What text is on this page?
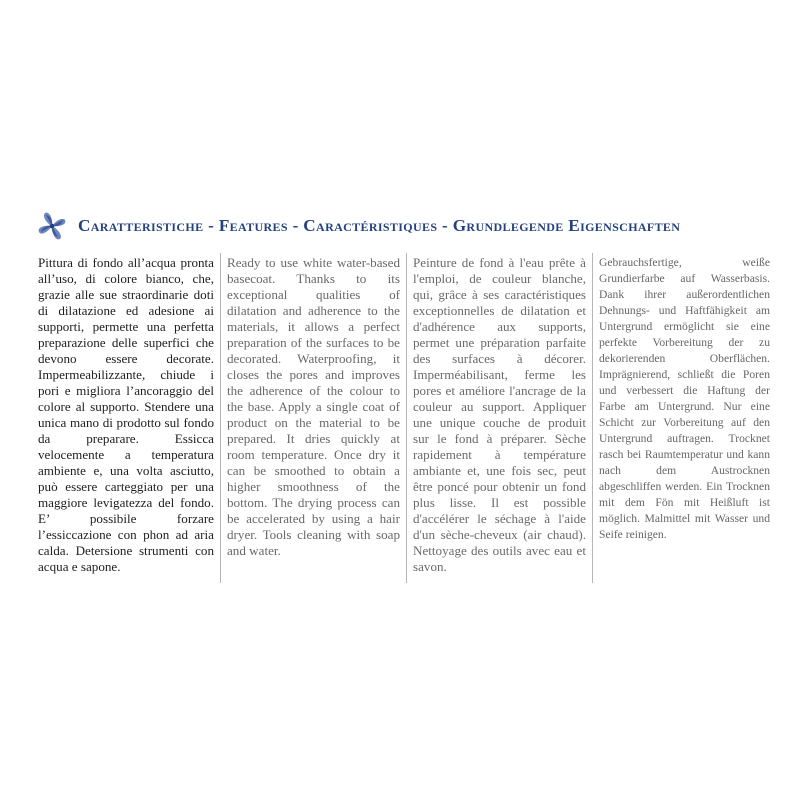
Caratteristiche - Features - Caractéristiques - Grundlegende Eigenschaften
Pittura di fondo all’acqua pronta all’uso, di colore bianco, che, grazie alle sue straordinarie doti di dilatazione ed adesione ai supporti, permette una perfetta preparazione delle superfici che devono essere decorate. Impermeabilizzante, chiude i pori e migliora l’ancoraggio del colore al supporto. Stendere una unica mano di prodotto sul fondo da preparare. Essicca velocemente a temperatura ambiente e, una volta asciutto, può essere carteggiato per una maggiore levigatezza del fondo. E’ possibile forzare l’essiccazione con phon ad aria calda. Detersione strumenti con acqua e sapone.
Ready to use white water-based basecoat. Thanks to its exceptional qualities of dilatation and adherence to the materials, it allows a perfect preparation of the surfaces to be decorated. Waterproofing, it closes the pores and improves the adherence of the colour to the base. Apply a single coat of product on the material to be prepared. It dries quickly at room temperature. Once dry it can be smoothed to obtain a higher smoothness of the bottom. The drying process can be accelerated by using a hair dryer. Tools cleaning with soap and water.
Peinture de fond à l'eau prête à l'emploi, de couleur blanche, qui, grâce à ses caractéristiques exceptionnelles de dilatation et d'adhérence aux supports, permet une préparation parfaite des surfaces à décorer. Imperméabilisant, ferme les pores et améliore l'ancrage de la couleur au support. Appliquer une unique couche de produit sur le fond à préparer. Sèche rapidement à température ambiante et, une fois sec, peut être poncé pour obtenir un fond plus lisse. Il est possible d'accélérer le séchage à l'aide d'un sèche-cheveux (air chaud). Nettoyage des outils avec eau et savon.
Gebrauchsfertige, weiße Grundierfarbe auf Wasserbasis. Dank ihrer außerordentlichen Dehnungs- und Haftfähigkeit am Untergrund ermöglicht sie eine perfekte Vorbereitung der zu dekorierenden Oberflächen. Imprägnierend, schließt die Poren und verbessert die Haftung der Farbe am Untergrund. Nur eine Schicht zur Vorbereitung auf den Untergrund auftragen. Trocknet rasch bei Raumtemperatur und kann nach dem Austrocknen abgeschliffen werden. Ein Trocknen mit dem Fön mit Heißluft ist möglich. Malmittel mit Wasser und Seife reinigen.
